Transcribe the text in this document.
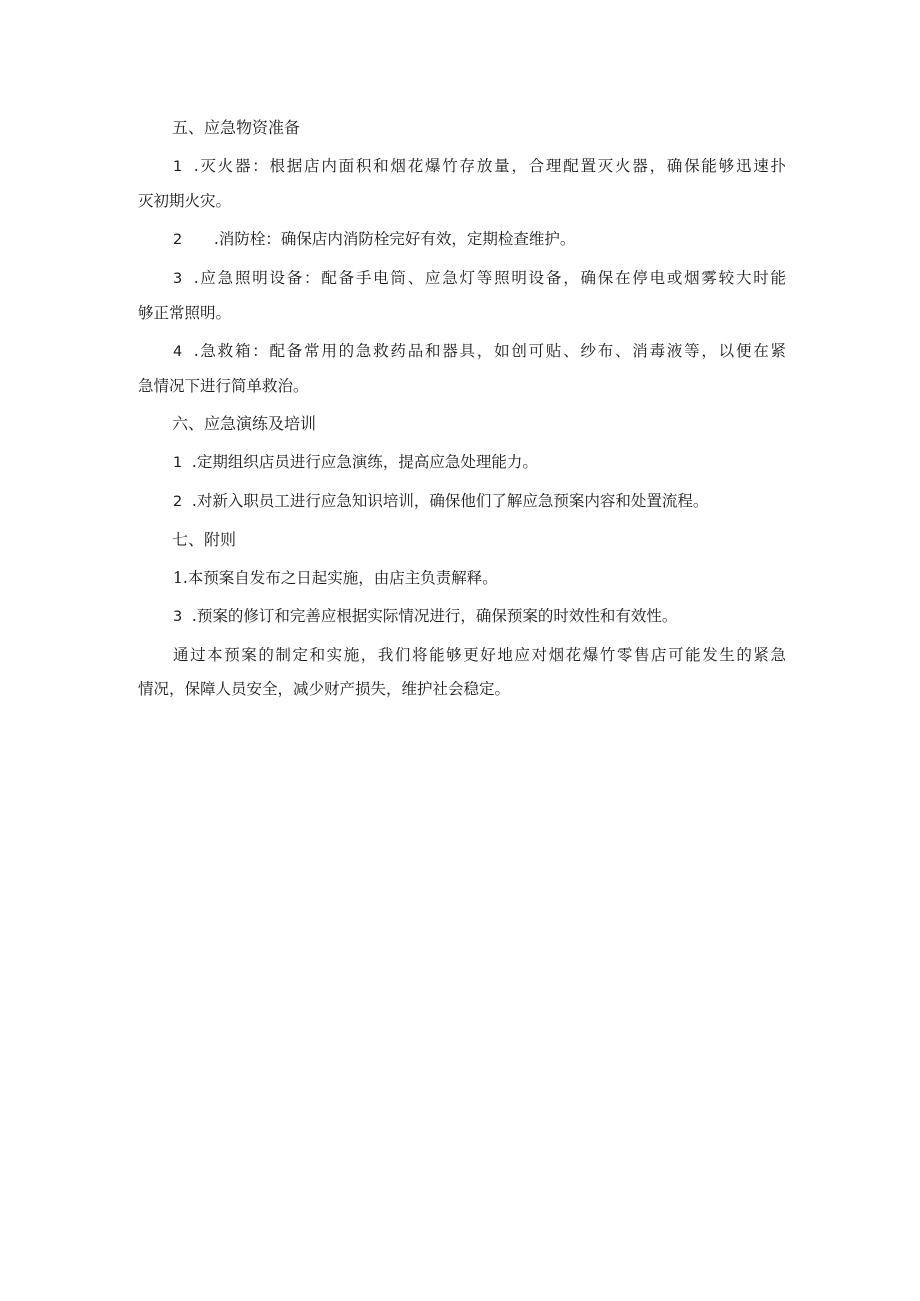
五、应急物资准备

1 .灭火器：根据店内面积和烟花爆竹存放量，合理配置灭火器，确保能够迅速扑

灭初期火灾。

2 .消防栓：确保店内消防栓完好有效，定期检查维护。

3 .应急照明设备：配备手电筒、应急灯等照明设备，确保在停电或烟雾较大时能

够正常照明。

4 .急救箱：配备常用的急救药品和器具，如创可贴、纱布、消毒液等，以便在紧

急情况下进行简单救治。

六、应急演练及培训

1 .定期组织店员进行应急演练，提高应急处理能力。

2 .对新入职员工进行应急知识培训，确保他们了解应急预案内容和处置流程。

七、附则

1.本预案自发布之日起实施，由店主负责解释。

3 .预案的修订和完善应根据实际情况进行，确保预案的时效性和有效性。

通过本预案的制定和实施，我们将能够更好地应对烟花爆竹零售店可能发生的紧急

情况，保障人员安全，减少财产损失，维护社会稳定。
